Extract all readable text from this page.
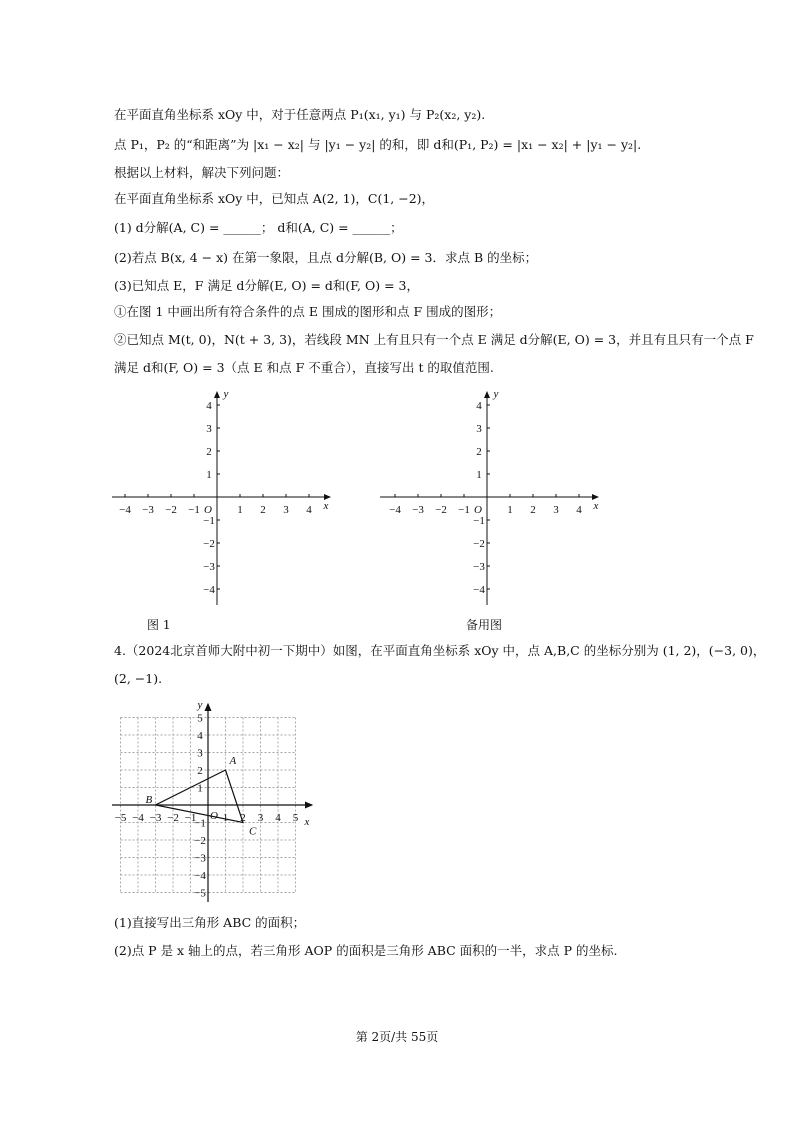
在平面直角坐标系 xOy 中，对于任意两点 P₁(x₁, y₁) 与 P₂(x₂, y₂).
点 P₁，P₂ 的“和距离”为 |x₁ − x₂| 与 |y₁ − y₂| 的和，即 d和(P₁, P₂) = |x₁ − x₂| + |y₁ − y₂|.
根据以上材料，解决下列问题：
在平面直角坐标系 xOy 中，已知点 A(2, 1)，C(1, −2)，
(1) d分解(A, C) = ______； d和(A, C) = ______；
(2)若点 B(x, 4 − x) 在第一象限，且点 d分解(B, O) = 3．求点 B 的坐标；
(3)已知点 E，F 满足 d分解(E, O) = d和(F, O) = 3，
①在图 1 中画出所有符合条件的点 E 围成的图形和点 F 围成的图形；
②已知点 M(t, 0)，N(t + 3, 3)，若线段 MN 上有且只有一个点 E 满足 d分解(E, O) = 3，并且有且只有一个点 F
满足 d和(F, O) = 3（点 E 和点 F 不重合），直接写出 t 的取值范围.
−4 −3 −2 −1	1 2 3 4
4
3
2
1
−1
−2
−3
−4
O	x
y
−4 −3 −2 −1	1 2 3 4
4
3
2
1
−1
−2
−3
−4
O	x
y
图 1	备用图
4.（2024北京首师大附中初一下期中）如图，在平面直角坐标系 xOy 中，点 A,B,C 的坐标分别为 (1, 2)，(−3, 0)，
(2, −1).
−5 −4 −3 −2 −1 1 2 3 4 5
5
4
3
2
1
−1
−2
−3
−4
−5
O	x
y
A
B
C
(1)直接写出三角形 ABC 的面积；
(2)点 P 是 x 轴上的点，若三角形 AOP 的面积是三角形 ABC 面积的一半，求点 P 的坐标.
第 2页/共 55页
